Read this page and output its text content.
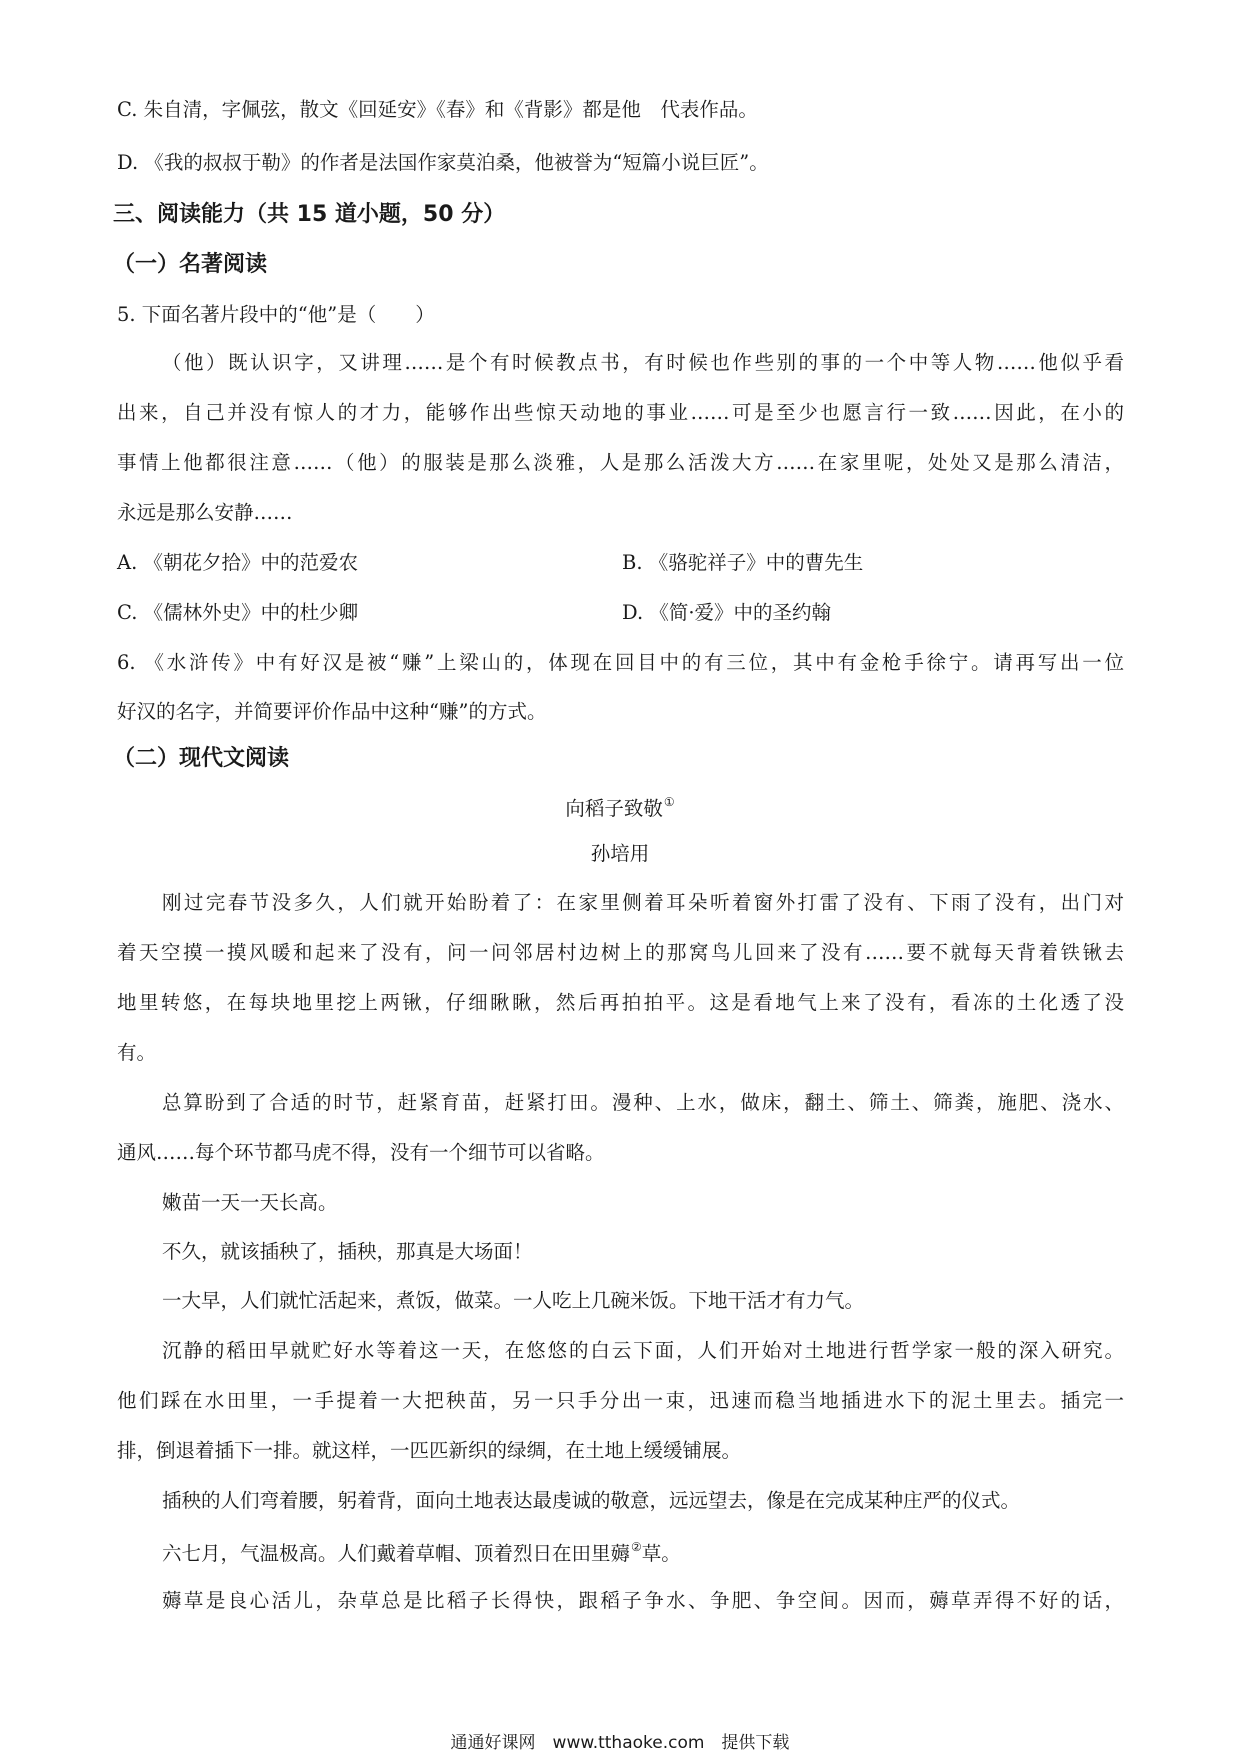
C. 朱自清，字佩弦，散文《回延安》《春》和《背影》都是他　代表作品。
D. 《我的叔叔于勒》的作者是法国作家莫泊桑，他被誉为“短篇小说巨匠”。
三、阅读能力（共 15 道小题，50 分）
（一）名著阅读
5. 下面名著片段中的“他”是（　　）
（他）既认识字，又讲理……是个有时候教点书，有时候也作些别的事的一个中等人物……他似乎看
出来，自己并没有惊人的才力，能够作出些惊天动地的事业……可是至少也愿言行一致……因此，在小的
事情上他都很注意……（他）的服装是那么淡雅，人是那么活泼大方……在家里呢，处处又是那么清洁，
永远是那么安静……
A. 《朝花夕拾》中的范爱农	B. 《骆驼祥子》中的曹先生
C. 《儒林外史》中的杜少卿	D. 《简·爱》中的圣约翰
6. 《水浒传》中有好汉是被“赚”上梁山的，体现在回目中的有三位，其中有金枪手徐宁。请再写出一位
好汉的名字，并简要评价作品中这种“赚”的方式。
（二）现代文阅读
向稻子致敬①
孙培用
刚过完春节没多久，人们就开始盼着了：在家里侧着耳朵听着窗外打雷了没有、下雨了没有，出门对
着天空摸一摸风暖和起来了没有，问一问邻居村边树上的那窝鸟儿回来了没有……要不就每天背着铁锹去
地里转悠，在每块地里挖上两锹，仔细瞅瞅，然后再拍拍平。这是看地气上来了没有，看冻的土化透了没
有。
总算盼到了合适的时节，赶紧育苗，赶紧打田。漫种、上水，做床，翻土、筛土、筛粪，施肥、浇水、
通风……每个环节都马虎不得，没有一个细节可以省略。
嫩苗一天一天长高。
不久，就该插秧了，插秧，那真是大场面！
一大早，人们就忙活起来，煮饭，做菜。一人吃上几碗米饭。下地干活才有力气。
沉静的稻田早就贮好水等着这一天，在悠悠的白云下面，人们开始对土地进行哲学家一般的深入研究。
他们踩在水田里，一手提着一大把秧苗，另一只手分出一束，迅速而稳当地插进水下的泥土里去。插完一
排，倒退着插下一排。就这样，一匹匹新织的绿绸，在土地上缓缓铺展。
插秧的人们弯着腰，躬着背，面向土地表达最虔诚的敬意，远远望去，像是在完成某种庄严的仪式。
六七月，气温极高。人们戴着草帽、顶着烈日在田里薅②草。
薅草是良心活儿，杂草总是比稻子长得快，跟稻子争水、争肥、争空间。因而，薅草弄得不好的话，
通通好课网　www.tthaoke.com　提供下载
